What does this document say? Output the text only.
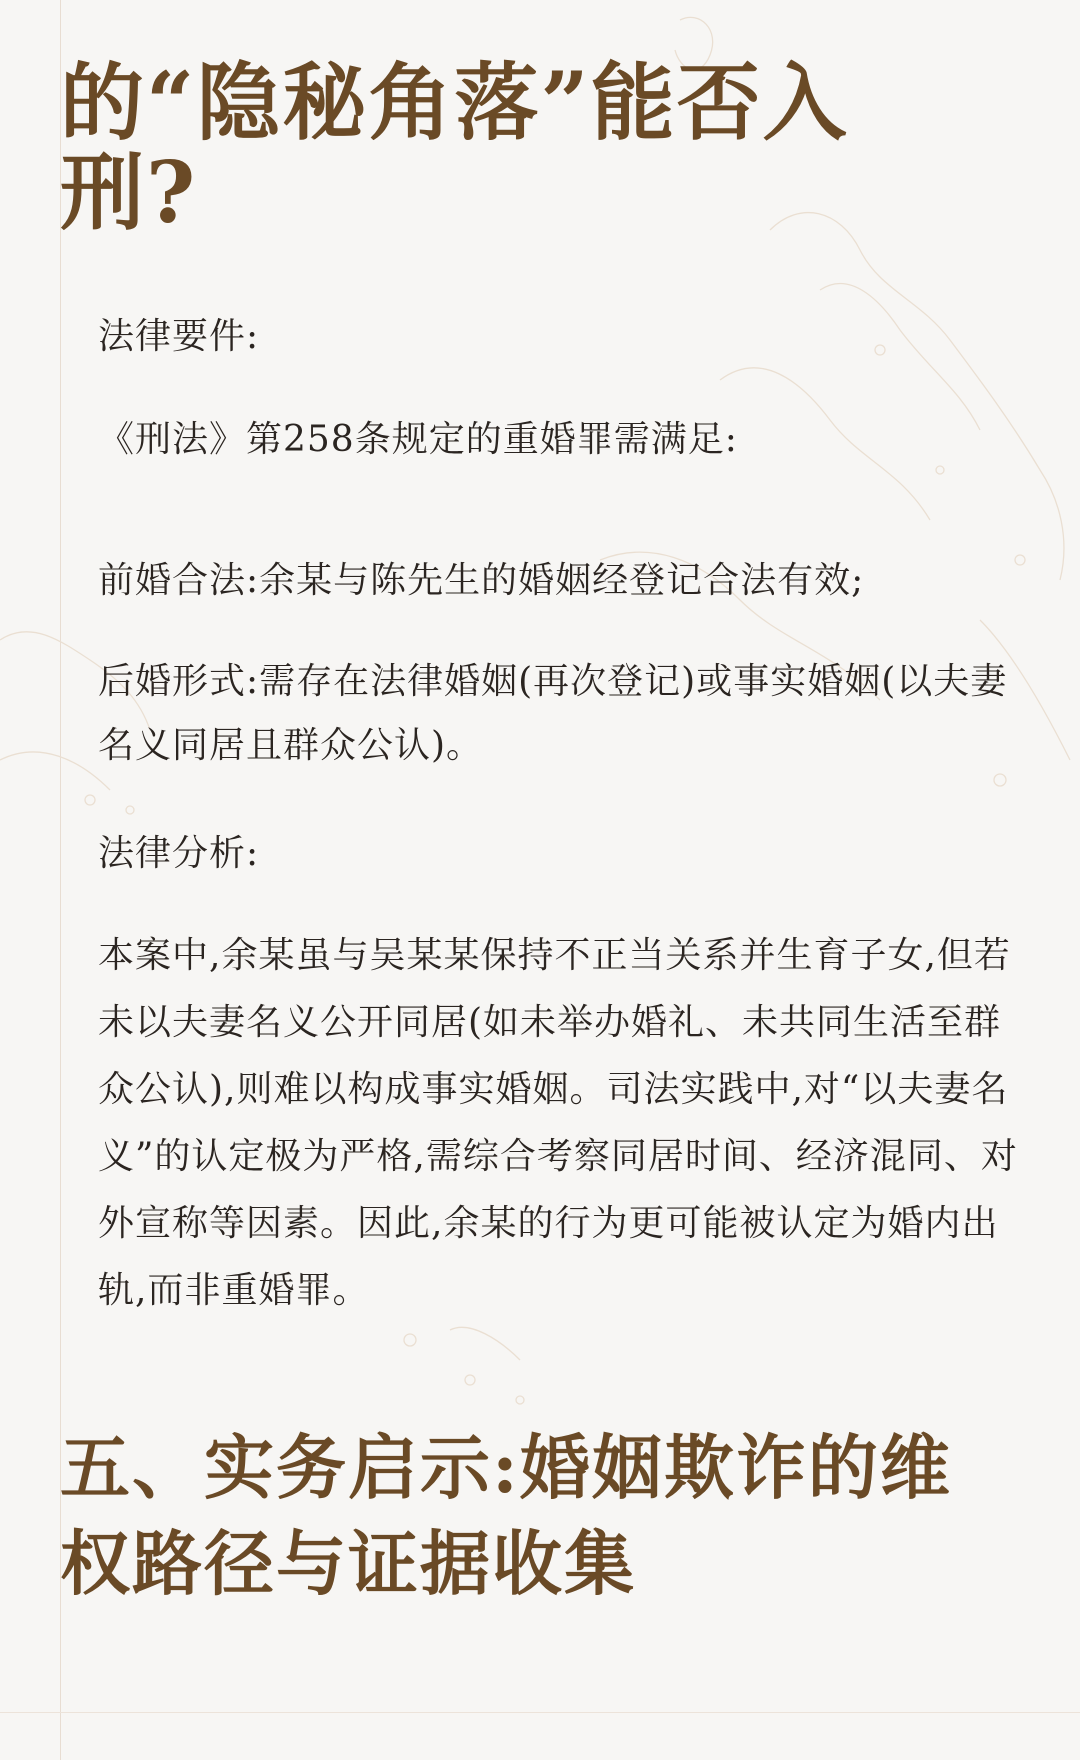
的“隐秘角落”能否入刑?

法律要件:

《刑法》第258条规定的重婚罪需满足:

前婚合法:余某与陈先生的婚姻经登记合法有效;

后婚形式:需存在法律婚姻(再次登记)或事实婚姻(以夫妻名义同居且群众公认)。

法律分析:

本案中,余某虽与吴某某保持不正当关系并生育子女,但若未以夫妻名义公开同居(如未举办婚礼、未共同生活至群众公认),则难以构成事实婚姻。司法实践中,对“以夫妻名义”的认定极为严格,需综合考察同居时间、经济混同、对外宣称等因素。因此,余某的行为更可能被认定为婚内出轨,而非重婚罪。

五、实务启示:婚姻欺诈的维权路径与证据收集
